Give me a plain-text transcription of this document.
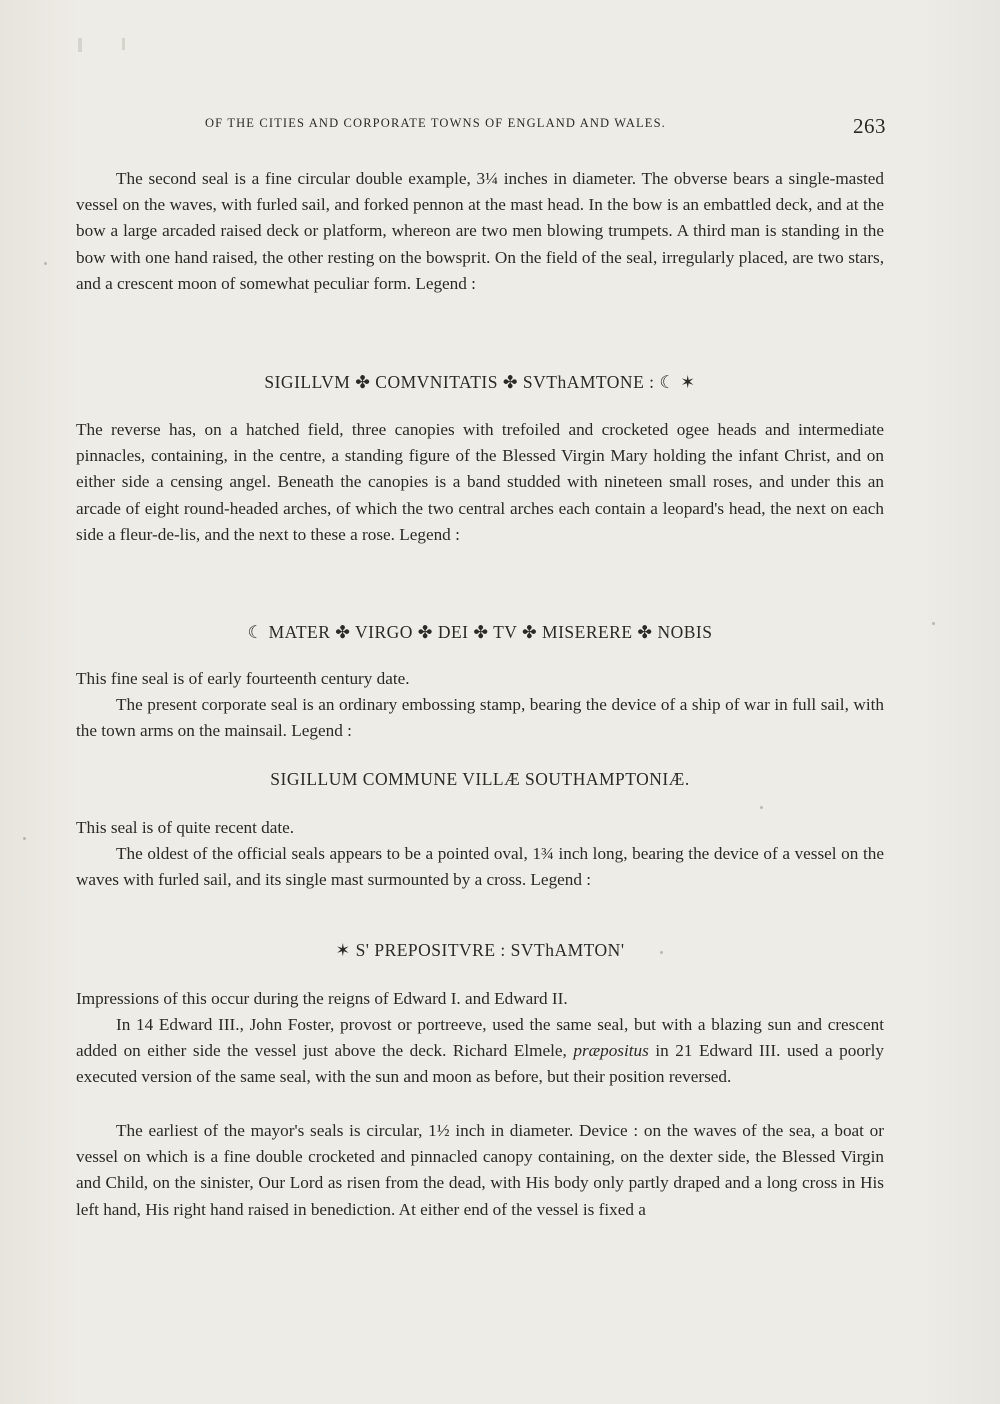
OF THE CITIES AND CORPORATE TOWNS OF ENGLAND AND WALES.	263

The second seal is a fine circular double example, 3¼ inches in diameter. The obverse bears a single-masted vessel on the waves, with furled sail, and forked pennon at the mast head. In the bow is an embattled deck, and at the bow a large arcaded raised deck or platform, whereon are two men blowing trumpets. A third man is standing in the bow with one hand raised, the other resting on the bowsprit. On the field of the seal, irregularly placed, are two stars, and a crescent moon of somewhat peculiar form. Legend :

SIGILLVM ✤ COMVNITATIS ✤ SVThAMTONE : ☾ ✶

The reverse has, on a hatched field, three canopies with trefoiled and crocketed ogee heads and intermediate pinnacles, containing, in the centre, a standing figure of the Blessed Virgin Mary holding the infant Christ, and on either side a censing angel. Beneath the canopies is a band studded with nineteen small roses, and under this an arcade of eight round-headed arches, of which the two central arches each contain a leopard's head, the next on each side a fleur-de-lis, and the next to these a rose. Legend :

☾ MATER ✤ VIRGO ✤ DEI ✤ TV ✤ MISERERE ✤ NOBIS

This fine seal is of early fourteenth century date.

The present corporate seal is an ordinary embossing stamp, bearing the device of a ship of war in full sail, with the town arms on the mainsail. Legend :

SIGILLUM COMMUNE VILLÆ SOUTHAMPTONIÆ.

This seal is of quite recent date.

The oldest of the official seals appears to be a pointed oval, 1¾ inch long, bearing the device of a vessel on the waves with furled sail, and its single mast surmounted by a cross. Legend :

✶ S' PREPOSITVRE : SVThAMTON'

Impressions of this occur during the reigns of Edward I. and Edward II.

In 14 Edward III., John Foster, provost or portreeve, used the same seal, but with a blazing sun and crescent added on either side the vessel just above the deck. Richard Elmele, præpositus in 21 Edward III. used a poorly executed version of the same seal, with the sun and moon as before, but their position reversed.

The earliest of the mayor's seals is circular, 1½ inch in diameter. Device : on the waves of the sea, a boat or vessel on which is a fine double crocketed and pinnacled canopy containing, on the dexter side, the Blessed Virgin and Child, on the sinister, Our Lord as risen from the dead, with His body only partly draped and a long cross in His left hand, His right hand raised in benediction. At either end of the vessel is fixed a
